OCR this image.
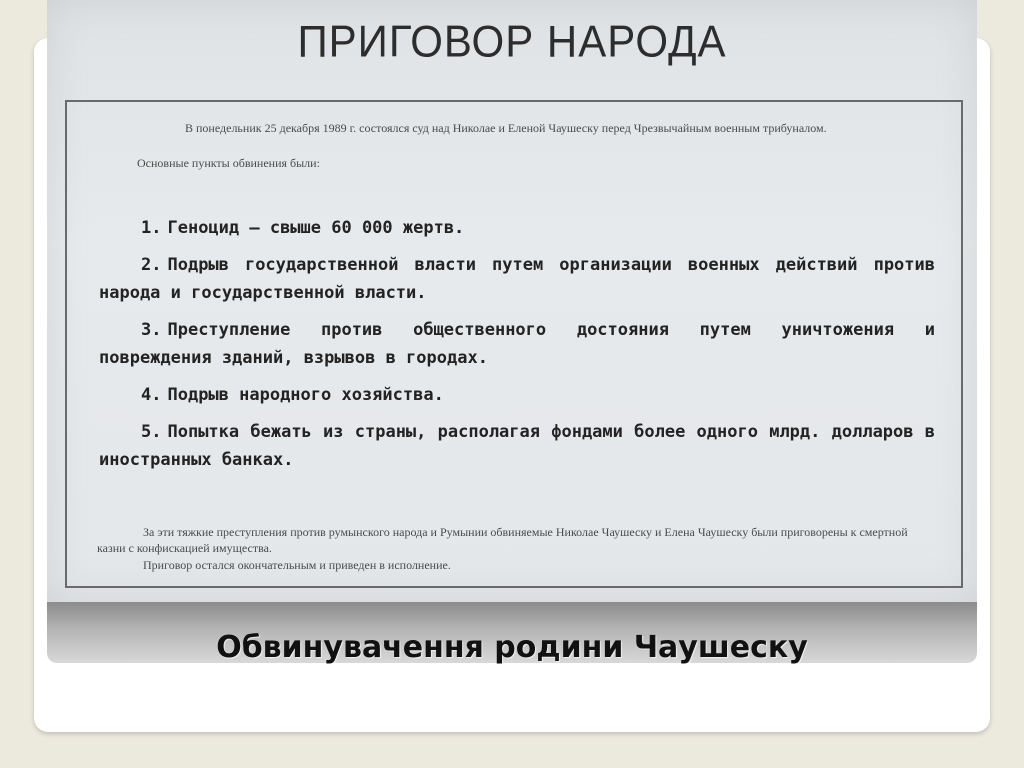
ПРИГОВОР НАРОДА
В понедельник 25 декабря 1989 г. состоялся суд над Николае и Еленой Чаушеску перед Чрезвычайным военным трибуналом.
Основные пункты обвинения были:
1. Геноцид — свыше 60 000 жертв.
2. Подрыв государственной власти путем организации военных действий против народа и государственной власти.
3. Преступление против общественного достояния путем уничтожения и повреждения зданий, взрывов в городах.
4. Подрыв народного хозяйства.
5. Попытка бежать из страны, располагая фондами более одного млрд. долларов в иностранных банках.
За эти тяжкие преступления против румынского народа и Румынии обвиняемые Николае Чаушеску и Елена Чаушеску были приговорены к смертной казни с конфискацией имущества.
Приговор остался окончательным и приведен в исполнение.
Обвинувачення родини Чаушеску
